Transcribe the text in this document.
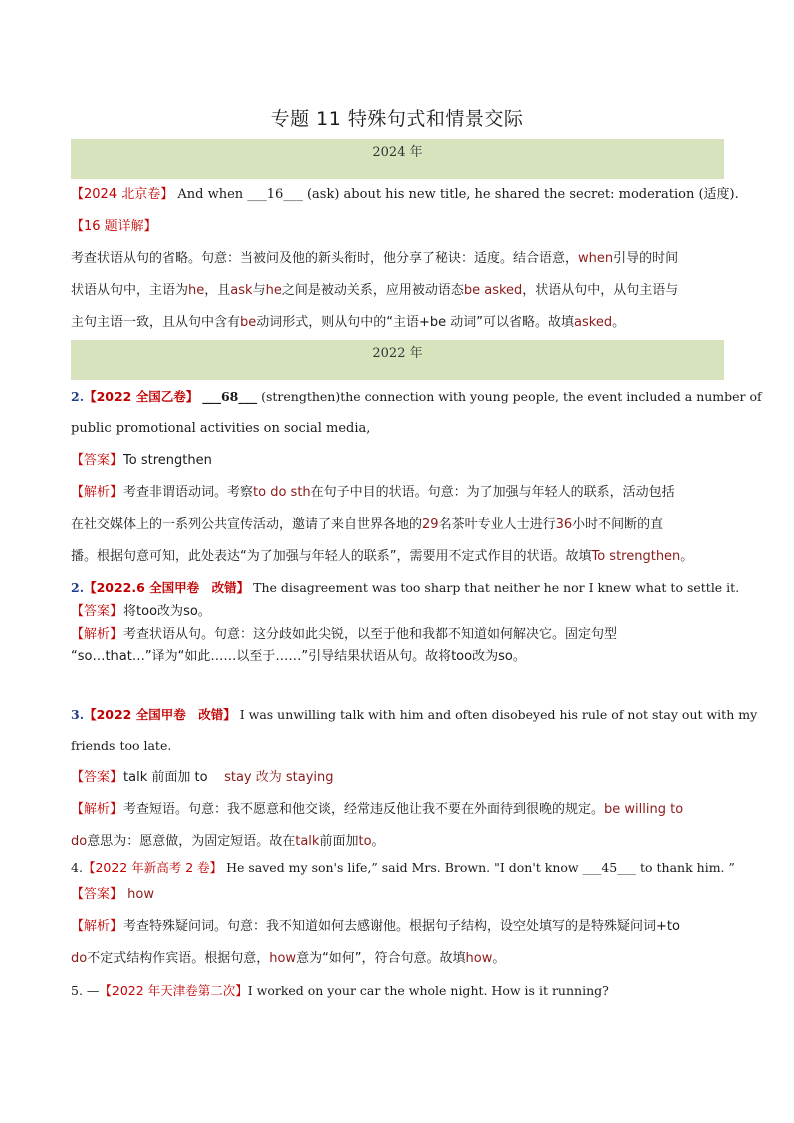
专题 11 特殊句式和情景交际
2024 年
【2024 北京卷】 And when ___16___ (ask) about his new title, he shared the secret: moderation (适度).
【16 题详解】
考查状语从句的省略。句意：当被问及他的新头衔时，他分享了秘诀：适度。结合语意，when引导的时间
状语从句中，主语为he，且ask与he之间是被动关系，应用被动语态be asked，状语从句中，从句主语与
主句主语一致，且从句中含有be动词形式，则从句中的“主语+be 动词”可以省略。故填asked。
2022 年
2.【2022 全国乙卷】 ___68___ (strengthen)the connection with young people, the event included a number of
public promotional activities on social media,
【答案】To strengthen
【解析】考查非谓语动词。考察to do sth在句子中目的状语。句意：为了加强与年轻人的联系，活动包括
在社交媒体上的一系列公共宣传活动，邀请了来自世界各地的29名茶叶专业人士进行36小时不间断的直
播。根据句意可知，此处表达“为了加强与年轻人的联系”，需要用不定式作目的状语。故填To strengthen。
2.【2022.6 全国甲卷　改错】 The disagreement was too sharp that neither he nor I knew what to settle it.
【答案】将too改为so。
【解析】考查状语从句。句意：这分歧如此尖锐，以至于他和我都不知道如何解决它。固定句型
“so…that…”译为“如此……以至于……”引导结果状语从句。故将too改为so。
3.【2022 全国甲卷　改错】 I was unwilling talk with him and often disobeyed his rule of not stay out with my
friends too late.
【答案】talk 前面加 to stay 改为 staying
【解析】考查短语。句意：我不愿意和他交谈，经常违反他让我不要在外面待到很晚的规定。be willing to
do意思为：愿意做，为固定短语。故在talk前面加to。
4.【2022 年新高考 2 卷】 He saved my son's life,” said Mrs. Brown. "I don't know ___45___ to thank him. ”
【答案】 how
【解析】考查特殊疑问词。句意：我不知道如何去感谢他。根据句子结构，设空处填写的是特殊疑问词+to
do不定式结构作宾语。根据句意，how意为“如何”，符合句意。故填how。
5. —【2022 年天津卷第二次】I worked on your car the whole night. How is it running?
